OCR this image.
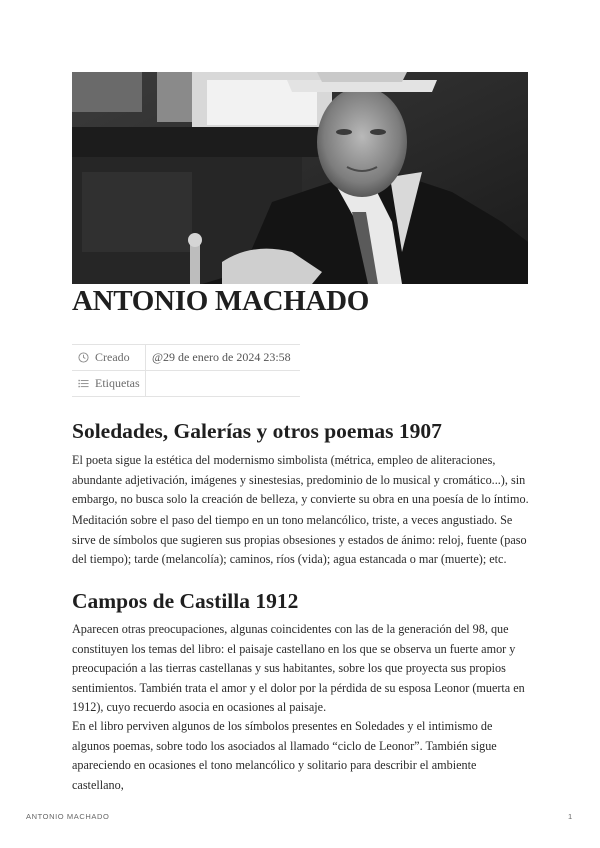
ANTONIO MACHADO
Creado	@29 de enero de 2024 23:58
Etiquetas
Soledades, Galerías y otros poemas 1907

El poeta sigue la estética del modernismo simbolista (métrica, empleo de aliteraciones, abundante adjetivación, imágenes y sinestesias, predominio de lo musical y cromático...), sin embargo, no busca solo la creación de belleza, y convierte su obra en una poesía de lo íntimo.

Meditación sobre el paso del tiempo en un tono melancólico, triste, a veces angustiado. Se sirve de símbolos que sugieren sus propias obsesiones y estados de ánimo: reloj, fuente (paso del tiempo); tarde (melancolía); caminos, ríos (vida); agua estancada o mar (muerte); etc.

Campos de Castilla 1912

Aparecen otras preocupaciones, algunas coincidentes con las de la generación del 98, que constituyen los temas del libro: el paisaje castellano en los que se observa un fuerte amor y preocupación a las tierras castellanas y sus habitantes, sobre los que proyecta sus propios sentimientos. También trata el amor y el dolor por la pérdida de su esposa Leonor (muerta en 1912), cuyo recuerdo asocia en ocasiones al paisaje.

En el libro perviven algunos de los símbolos presentes en Soledades y el intimismo de algunos poemas, sobre todo los asociados al llamado “ciclo de Leonor”. También sigue apareciendo en ocasiones el tono melancólico y solitario para describir el ambiente castellano,

ANTONIO MACHADO	1
